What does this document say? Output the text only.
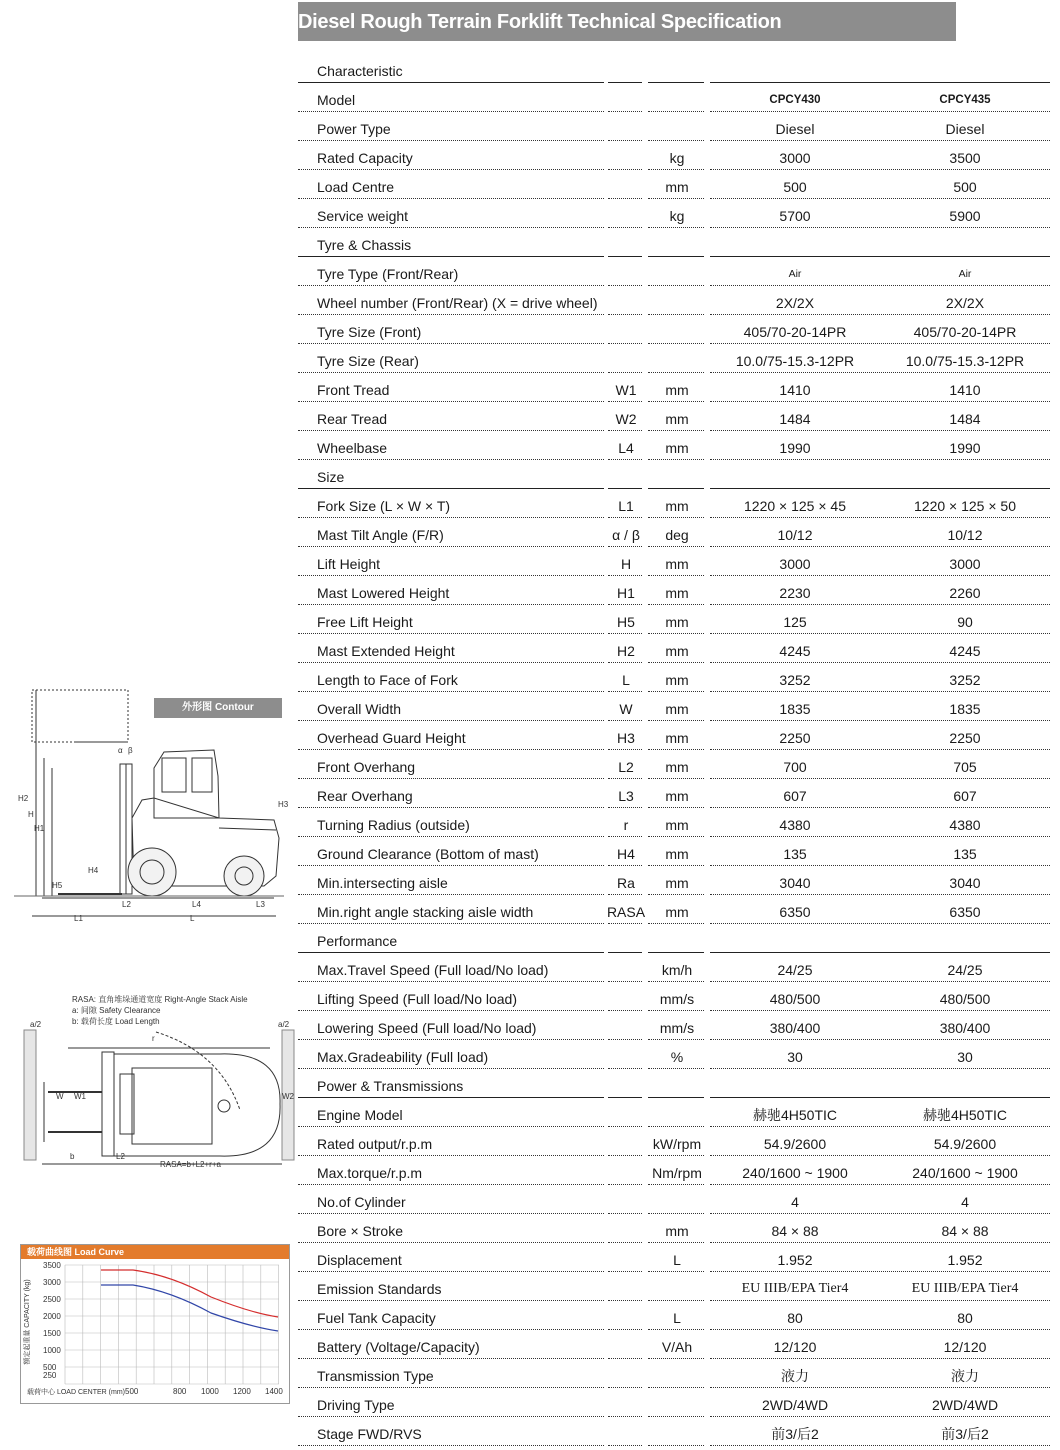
Diesel Rough Terrain Forklift Technical Specification
Characteristic
Model	CPCY430	CPCY435
Power Type	Diesel	Diesel
Rated Capacity	kg	3000	3500
Load Centre	mm	500	500
Service weight	kg	5700	5900
Tyre & Chassis
Tyre Type (Front/Rear)	Air	Air
Wheel number (Front/Rear) (X = drive wheel)	2X/2X	2X/2X
Tyre Size (Front)	405/70-20-14PR	405/70-20-14PR
Tyre Size (Rear)	10.0/75-15.3-12PR	10.0/75-15.3-12PR
Front Tread	W1	mm	1410	1410
Rear Tread	W2	mm	1484	1484
Wheelbase	L4	mm	1990	1990
Size
Fork Size (L × W × T)	L1	mm	1220 × 125 × 45	1220 × 125 × 50
Mast Tilt Angle (F/R)	α / β	deg	10/12	10/12
Lift Height	H	mm	3000	3000
Mast Lowered Height	H1	mm	2230	2260
Free Lift Height	H5	mm	125	90
Mast Extended Height	H2	mm	4245	4245
Length to Face of Fork	L	mm	3252	3252
Overall Width	W	mm	1835	1835
Overhead Guard Height	H3	mm	2250	2250
Front Overhang	L2	mm	700	705
Rear Overhang	L3	mm	607	607
Turning Radius (outside)	r	mm	4380	4380
Ground Clearance (Bottom of mast)	H4	mm	135	135
Min.intersecting aisle	Ra	mm	3040	3040
Min.right angle stacking aisle width	RASA	mm	6350	6350
Performance
Max.Travel Speed (Full load/No load)	km/h	24/25	24/25
Lifting Speed (Full load/No load)	mm/s	480/500	480/500
Lowering Speed (Full load/No load)	mm/s	380/400	380/400
Max.Gradeability (Full load)	%	30	30
Power & Transmissions
Engine Model	赫驰4H50TIC	赫驰4H50TIC
Rated output/r.p.m	kW/rpm	54.9/2600	54.9/2600
Max.torque/r.p.m	Nm/rpm	240/1600 ~ 1900	240/1600 ~ 1900
No.of Cylinder	4	4
Bore × Stroke	mm	84 × 88	84 × 88
Displacement	L	1.952	1.952
Emission Standards	EU IIIB/EPA Tier4	EU IIIB/EPA Tier4
Fuel Tank Capacity	L	80	80
Battery (Voltage/Capacity)	V/Ah	12/120	12/120
Transmission Type	液力	液力
Driving Type	2WD/4WD	2WD/4WD
Stage FWD/RVS	前3/后2	前3/后2
外形图 Contour
H2
H
H1
H3
H4
H5
α β
L2	L4	L3
L1	L
RASA: 直角堆垛通道宽度 Right-Angle Stack Aisle
a: 间隙 Safety Clearance
b: 载荷长度 Load Length
a/2	a/2
W W1	W2
r
b	L2
RASA=b+L2+r+a
载荷曲线图 Load Curve
额定起重量 CAPACITY (kg)
载荷中心 LOAD CENTER (mm)
3500
3000
2500
2000
1500
1000
500
250
500	800 1000 1200 1400
